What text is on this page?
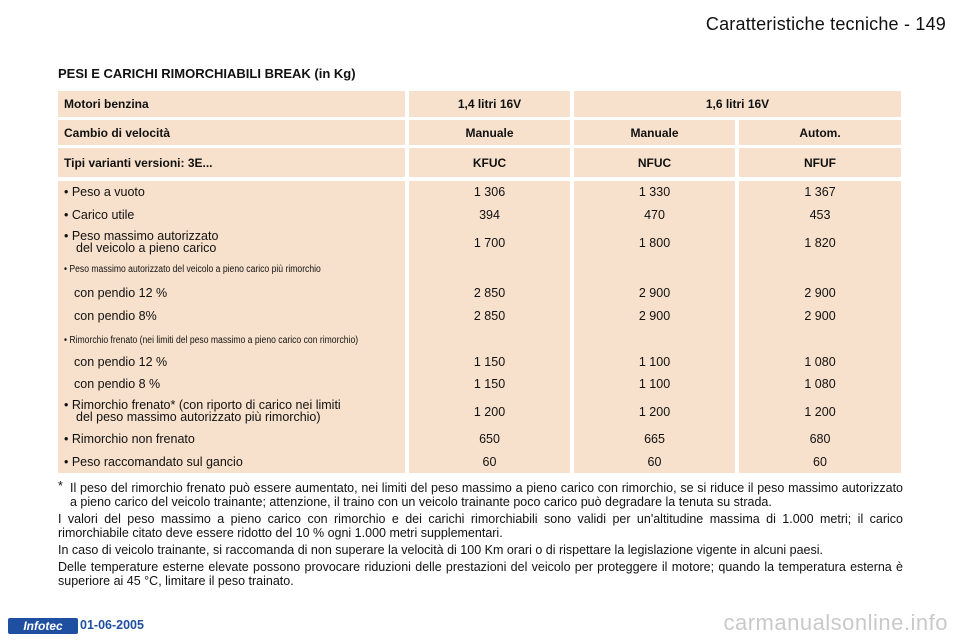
Caratteristiche tecniche - 149
PESI E CARICHI RIMORCHIABILI BREAK (in Kg)
Motori benzina	1,4 litri 16V	1,6 litri 16V
Cambio di velocità	Manuale	Manuale	Autom.
Tipi varianti versioni: 3E...	KFUC	NFUC	NFUF
• Peso a vuoto	1 306	1 330	1 367
• Carico utile	394	470	453
• Peso massimo autorizzato
del veicolo a pieno carico	1 700	1 800	1 820
• Peso massimo autorizzato del veicolo a pieno carico più rimorchio
con pendio 12 %	2 850	2 900	2 900
con pendio 8%	2 850	2 900	2 900
• Rimorchio frenato (nei limiti del peso massimo a pieno carico con rimorchio)
con pendio 12 %	1 150	1 100	1 080
con pendio 8 %	1 150	1 100	1 080
• Rimorchio frenato* (con riporto di carico nei limiti
del peso massimo autorizzato più rimorchio)	1 200	1 200	1 200
• Rimorchio non frenato	650	665	680
• Peso raccomandato sul gancio	60	60	60

* Il peso del rimorchio frenato può essere aumentato, nei limiti del peso massimo a pieno carico con rimorchio, se si riduce il peso massimo autorizzato a pieno carico del veicolo trainante; attenzione, il traino con un veicolo trainante poco carico può degradare la tenuta su strada.

I valori del peso massimo a pieno carico con rimorchio e dei carichi rimorchiabili sono validi per un'altitudine massima di 1.000 metri; il carico rimorchiabile citato deve essere ridotto del 10 % ogni 1.000 metri supplementari.

In caso di veicolo trainante, si raccomanda di non superare la velocità di 100 Km orari o di rispettare la legislazione vigente in alcuni paesi.

Delle temperature esterne elevate possono provocare riduzioni delle prestazioni del veicolo per proteggere il motore; quando la temperatura esterna è superiore ai 45 °C, limitare il peso trainato.

Infotec	01-06-2005	carmanualsonline.info
